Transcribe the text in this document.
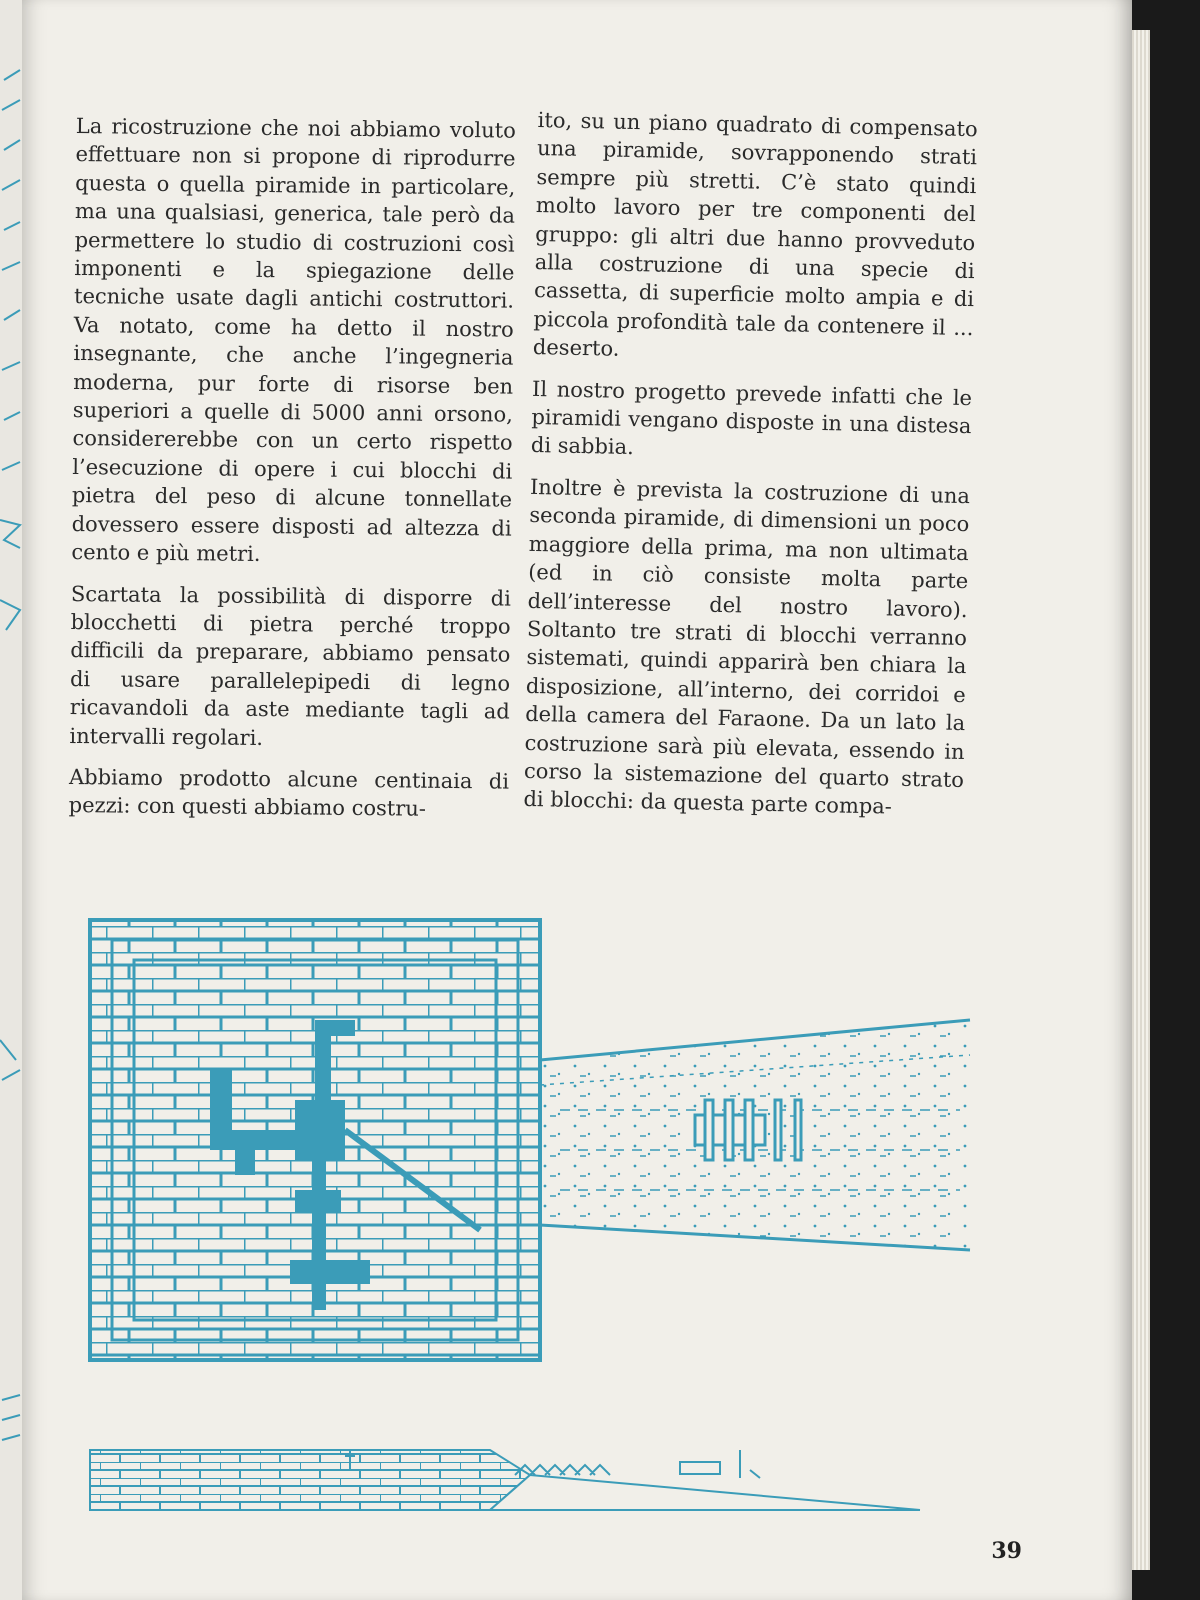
La ricostruzione che noi abbiamo voluto effettuare non si propone di riprodurre questa o quella piramide in particolare, ma una qualsiasi, generica, tale però da permettere lo studio di costruzioni così imponenti e la spiegazione delle tecniche usate dagli antichi costruttori. Va notato, come ha detto il nostro insegnante, che anche l’ingegneria moderna, pur forte di risorse ben superiori a quelle di 5000 anni orsono, considererebbe con un certo rispetto l’esecuzione di opere i cui blocchi di pietra del peso di alcune tonnellate dovessero essere disposti ad altezza di cento e più metri.

Scartata la possibilità di disporre di blocchetti di pietra perché troppo difficili da preparare, abbiamo pensato di usare parallelepipedi di legno ricavandoli da aste mediante tagli ad intervalli regolari.

Abbiamo prodotto alcune centinaia di pezzi: con questi abbiamo costru-

ito, su un piano quadrato di compensato una piramide, sovrapponendo strati sempre più stretti. C’è stato quindi molto lavoro per tre componenti del gruppo: gli altri due hanno provveduto alla costruzione di una specie di cassetta, di superficie molto ampia e di piccola profondità tale da contenere il ... deserto.

Il nostro progetto prevede infatti che le piramidi vengano disposte in una distesa di sabbia.

Inoltre è prevista la costruzione di una seconda piramide, di dimensioni un poco maggiore della prima, ma non ultimata (ed in ciò consiste molta parte dell’interesse del nostro lavoro). Soltanto tre strati di blocchi verranno sistemati, quindi apparirà ben chiara la disposizione, all’interno, dei corridoi e della camera del Faraone. Da un lato la costruzione sarà più elevata, essendo in corso la sistemazione del quarto strato di blocchi: da questa parte compa-

39
